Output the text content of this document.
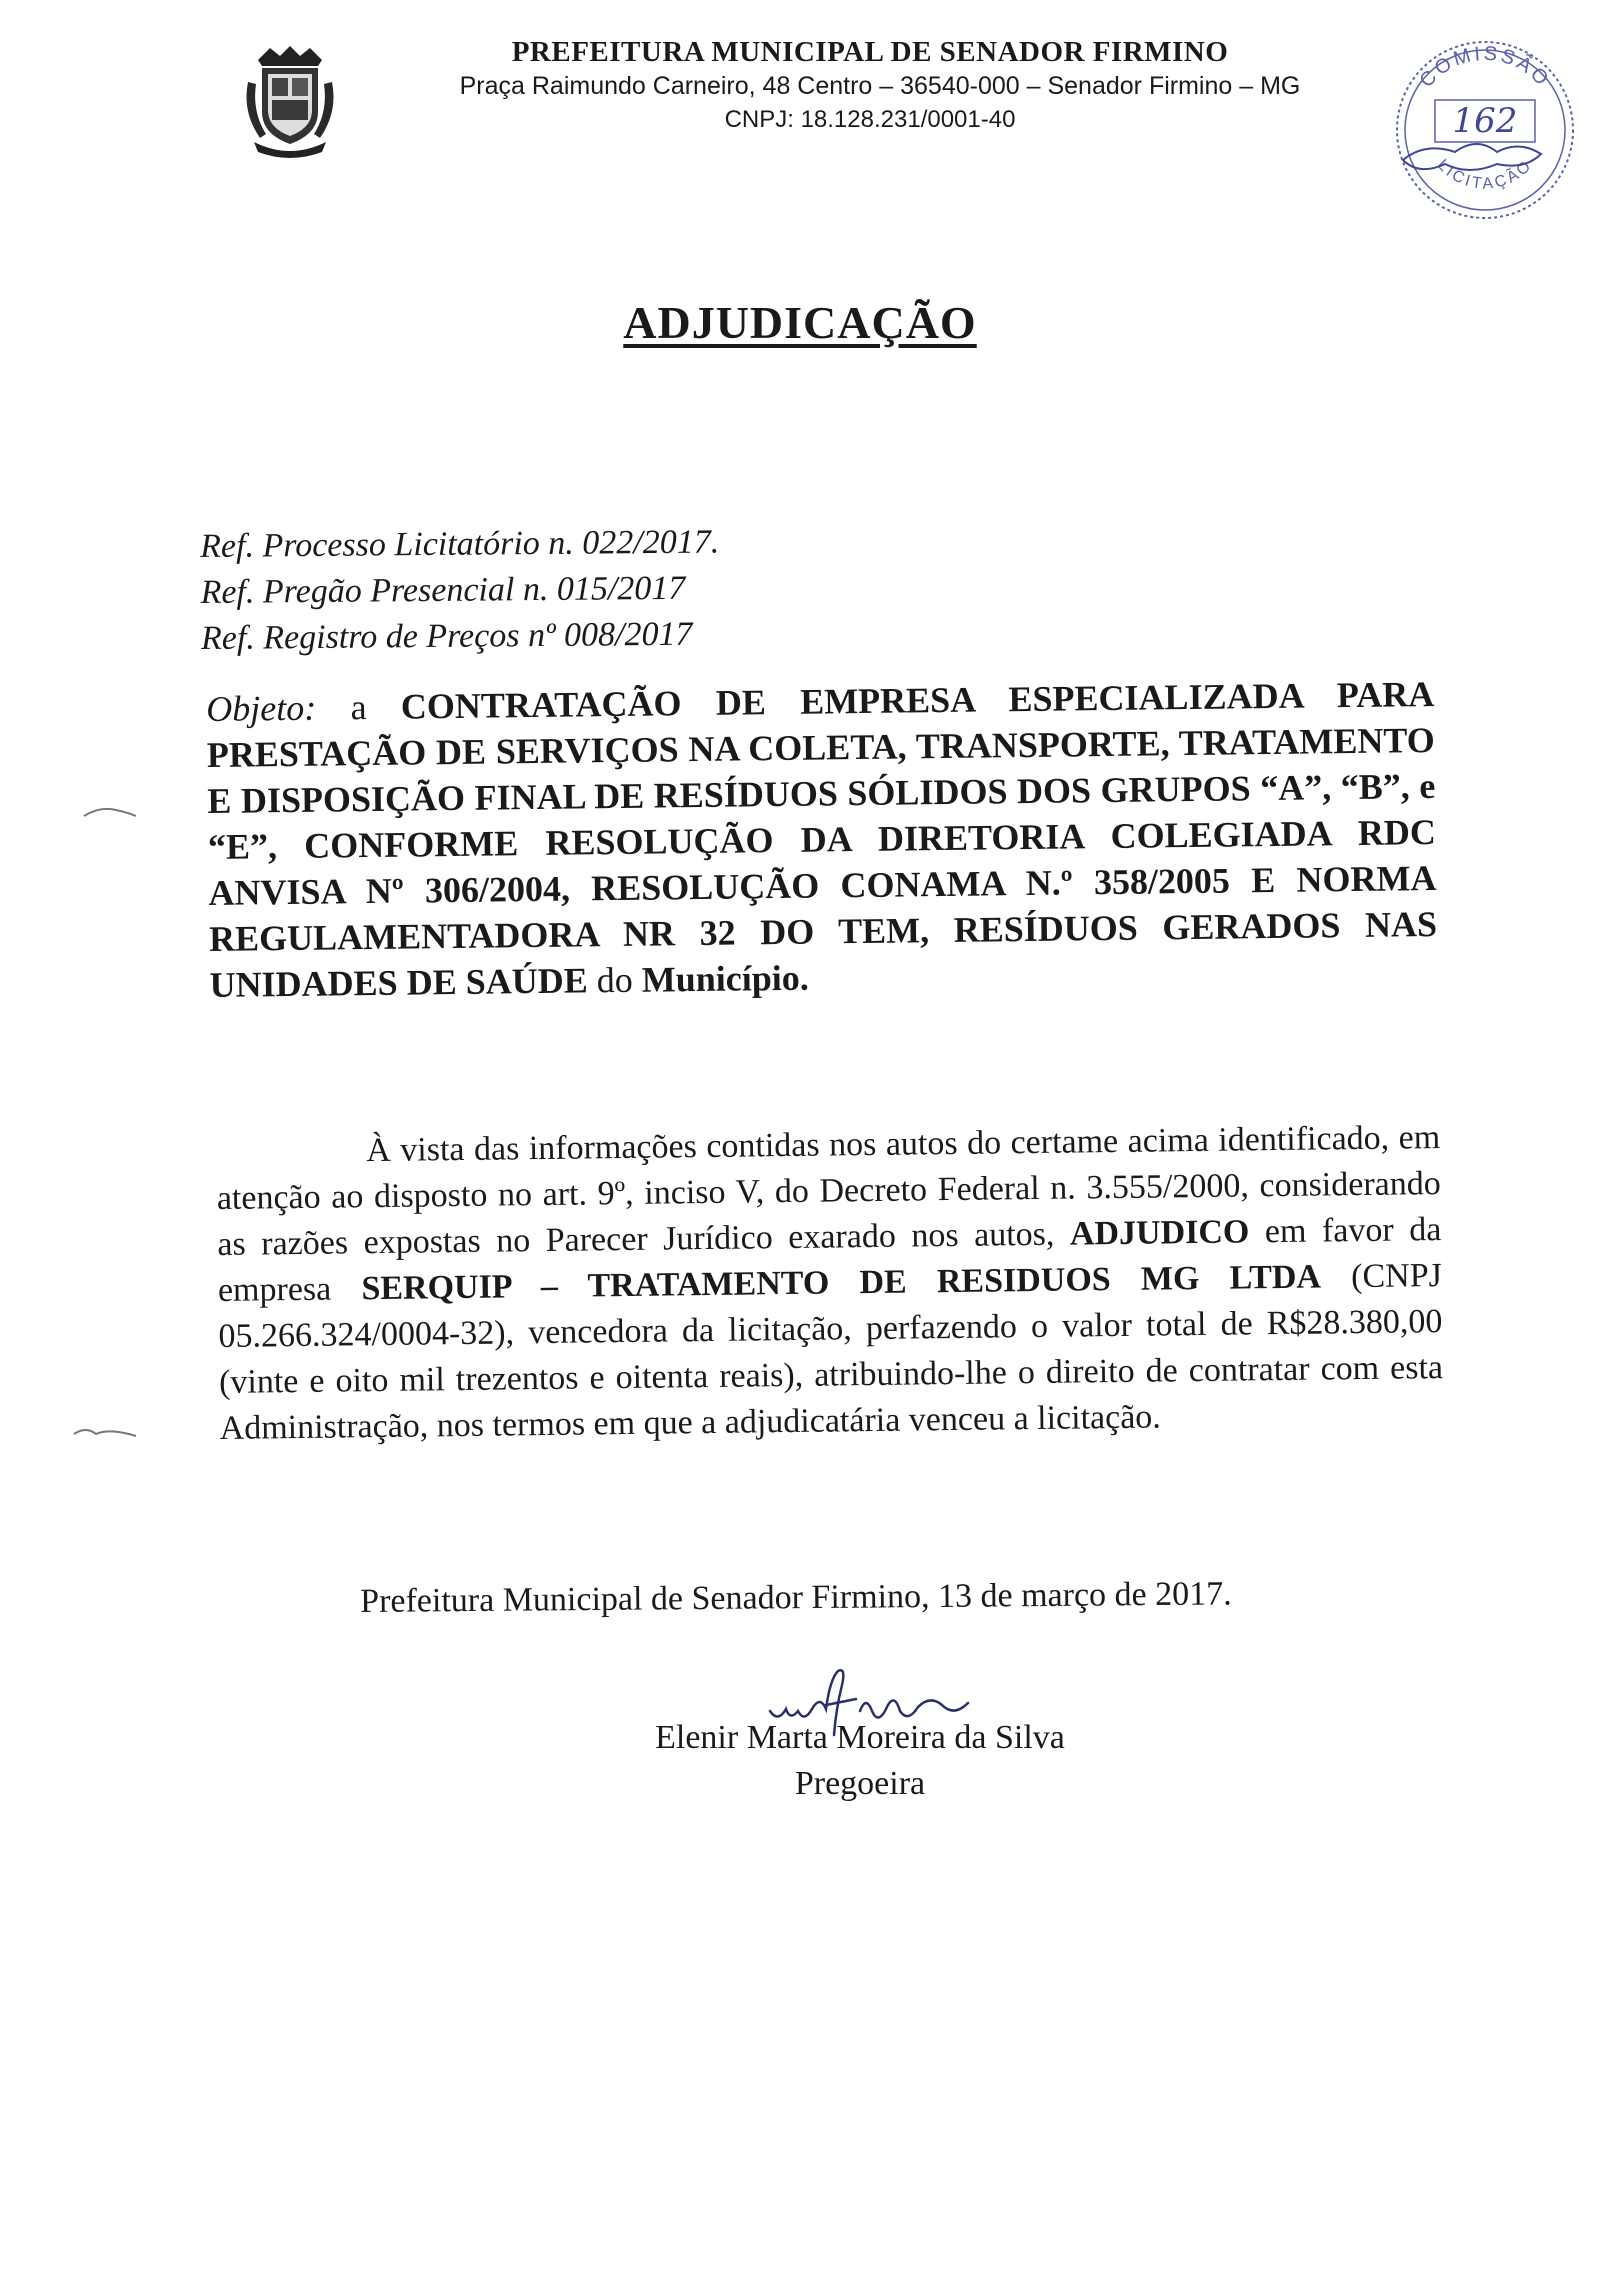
PREFEITURA MUNICIPAL DE SENADOR FIRMINO
Praça Raimundo Carneiro, 48 Centro – 36540-000 – Senador Firmino – MG
CNPJ: 18.128.231/0001-40
COMISSÃO
LICITAÇÃO
162
ADJUDICAÇÃO
Ref. Processo Licitatório n. 022/2017.
Ref. Pregão Presencial n. 015/2017
Ref. Registro de Preços nº 008/2017
Objeto: a CONTRATAÇÃO DE EMPRESA ESPECIALIZADA PARA PRESTAÇÃO DE SERVIÇOS NA COLETA, TRANSPORTE, TRATAMENTO E DISPOSIÇÃO FINAL DE RESÍDUOS SÓLIDOS DOS GRUPOS “A”, “B”, e “E”, CONFORME RESOLUÇÃO DA DIRETORIA COLEGIADA RDC ANVISA Nº 306/2004, RESOLUÇÃO CONAMA N.º 358/2005 E NORMA REGULAMENTADORA NR 32 DO TEM, RESÍDUOS GERADOS NAS UNIDADES DE SAÚDE do Município.
À vista das informações contidas nos autos do certame acima identificado, em atenção ao disposto no art. 9º, inciso V, do Decreto Federal n. 3.555/2000, considerando as razões expostas no Parecer Jurídico exarado nos autos, ADJUDICO em favor da empresa SERQUIP – TRATAMENTO DE RESIDUOS MG LTDA (CNPJ 05.266.324/0004-32), vencedora da licitação, perfazendo o valor total de R$28.380,00 (vinte e oito mil trezentos e oitenta reais), atribuindo-lhe o direito de contratar com esta Administração, nos termos em que a adjudicatária venceu a licitação.
Prefeitura Municipal de Senador Firmino, 13 de março de 2017.
Elenir Marta Moreira da Silva
Pregoeira
